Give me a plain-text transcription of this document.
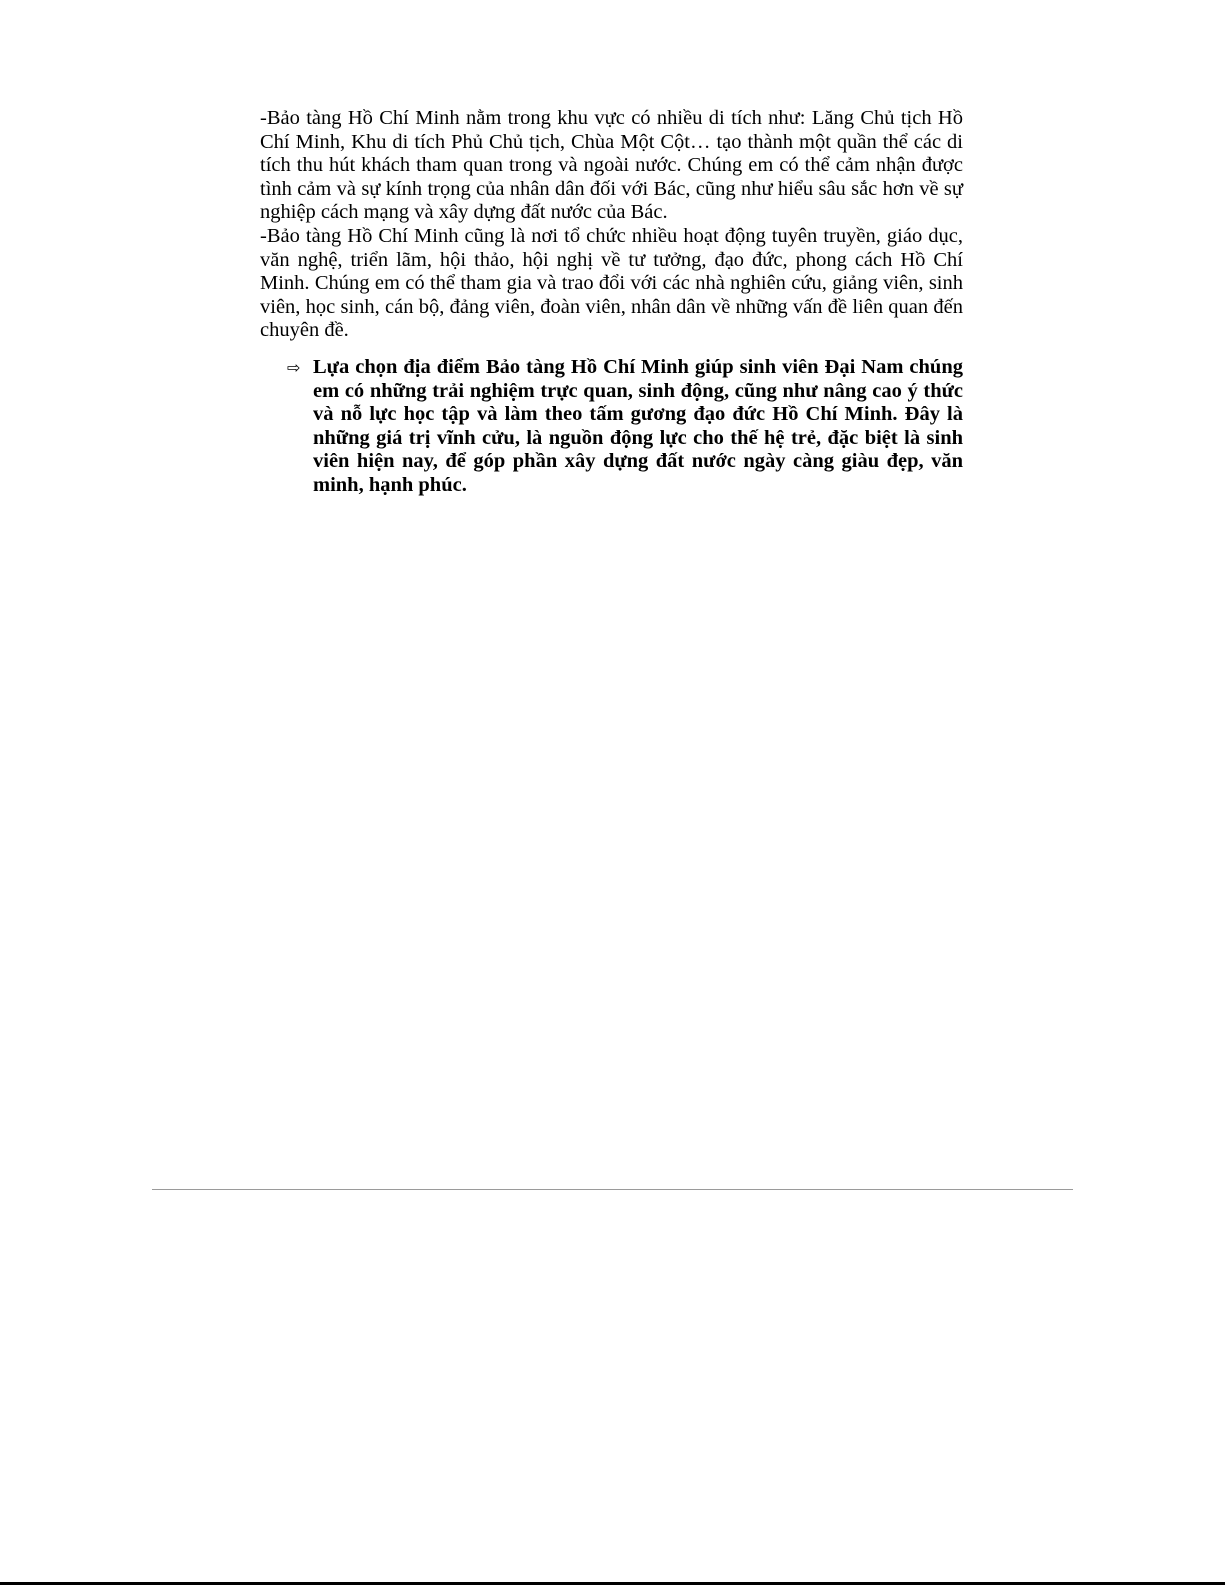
-Bảo tàng Hồ Chí Minh nằm trong khu vực có nhiều di tích như: Lăng Chủ tịch Hồ Chí Minh, Khu di tích Phủ Chủ tịch, Chùa Một Cột… tạo thành một quần thể các di tích thu hút khách tham quan trong và ngoài nước. Chúng em có thể cảm nhận được tình cảm và sự kính trọng của nhân dân đối với Bác, cũng như hiểu sâu sắc hơn về sự nghiệp cách mạng và xây dựng đất nước của Bác.

-Bảo tàng Hồ Chí Minh cũng là nơi tổ chức nhiều hoạt động tuyên truyền, giáo dục, văn nghệ, triển lãm, hội thảo, hội nghị về tư tưởng, đạo đức, phong cách Hồ Chí Minh. Chúng em có thể tham gia và trao đổi với các nhà nghiên cứu, giảng viên, sinh viên, học sinh, cán bộ, đảng viên, đoàn viên, nhân dân về những vấn đề liên quan đến chuyên đề.

⇨ Lựa chọn địa điểm Bảo tàng Hồ Chí Minh giúp sinh viên Đại Nam chúng em có những trải nghiệm trực quan, sinh động, cũng như nâng cao ý thức và nỗ lực học tập và làm theo tấm gương đạo đức Hồ Chí Minh. Đây là những giá trị vĩnh cửu, là nguồn động lực cho thế hệ trẻ, đặc biệt là sinh viên hiện nay, để góp phần xây dựng đất nước ngày càng giàu đẹp, văn minh, hạnh phúc.
